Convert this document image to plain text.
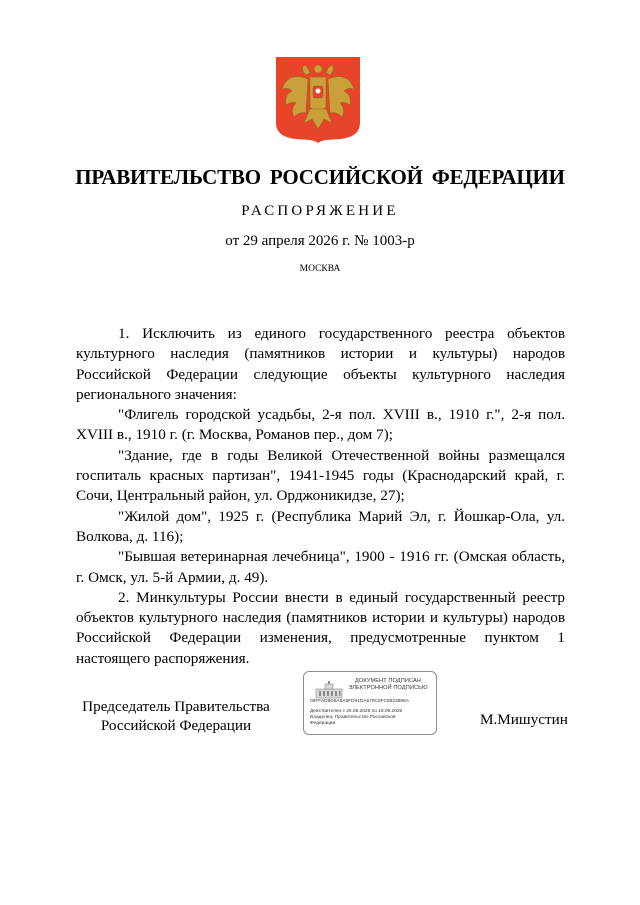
ПРАВИТЕЛЬСТВО РОССИЙСКОЙ ФЕДЕРАЦИИ
РАСПОРЯЖЕНИЕ
от 29 апреля 2026 г. № 1003-р
МОСКВА

1. Исключить из единого государственного реестра объектов культурного наследия (памятников истории и культуры) народов Российской Федерации следующие объекты культурного наследия регионального значения:

"Флигель городской усадьбы, 2-я пол. XVIII в., 1910 г.", 2-я пол. XVIII в., 1910 г. (г. Москва, Романов пер., дом 7);

"Здание, где в годы Великой Отечественной войны размещался госпиталь красных партизан", 1941-1945 годы (Краснодарский край, г. Сочи, Центральный район, ул. Орджоникидзе, 27);

"Жилой дом", 1925 г. (Республика Марий Эл, г. Йошкар-Ола, ул. Волкова, д. 116);

"Бывшая ветеринарная лечебница", 1900 - 1916 гг. (Омская область, г. Омск, ул. 5-й Армии, д. 49).

2. Минкультуры России внести в единый государственный реестр объектов культурного наследия (памятников истории и культуры) народов Российской Федерации изменения, предусмотренные пунктом 1 настоящего распоряжения.

Председатель Правительства
Российской Федерации
ДОКУМЕНТ ПОДПИСАН
ЭЛЕКТРОННОЙ ПОДПИСЬЮ
00FFAD9D6A5A6FD91DA579C5FC8823885A
Действителен с 26.06.2025 по 19.09.2026
Владелец: Правительство Российской
Федерации	М.Мишустин
